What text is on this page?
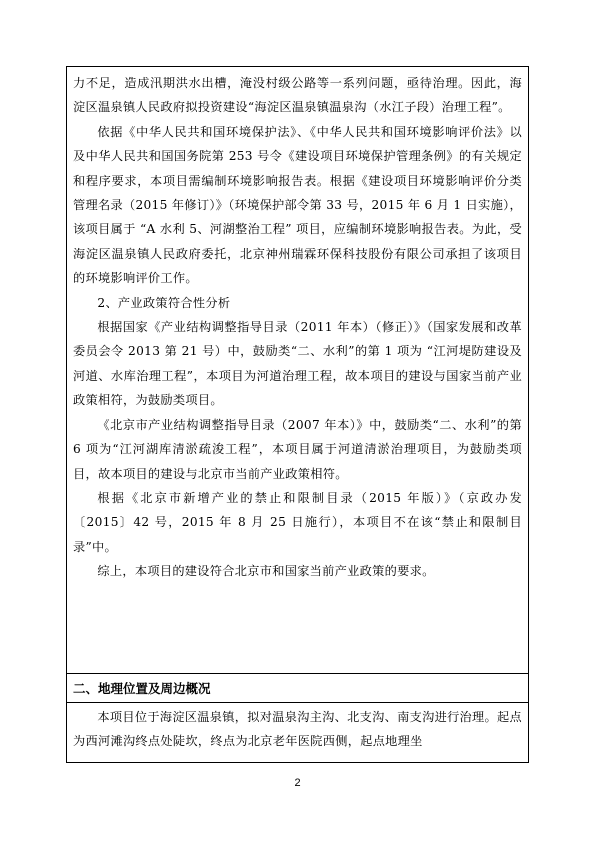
力不足，造成汛期洪水出槽，淹没村级公路等一系列问题，亟待治理。因此，海淀区温泉镇人民政府拟投资建设“海淀区温泉镇温泉沟（水江子段）治理工程”。

依据《中华人民共和国环境保护法》、《中华人民共和国环境影响评价法》以及中华人民共和国国务院第 253 号令《建设项目环境保护管理条例》的有关规定和程序要求，本项目需编制环境影响报告表。根据《建设项目环境影响评价分类管理名录（2015 年修订）》（环境保护部令第 33 号，2015 年 6 月 1 日实施），该项目属于 “A 水利 5、河湖整治工程” 项目，应编制环境影响报告表。为此，受海淀区温泉镇人民政府委托，北京神州瑞霖环保科技股份有限公司承担了该项目的环境影响评价工作。

2、产业政策符合性分析

根据国家《产业结构调整指导目录（2011 年本）（修正）》（国家发展和改革委员会令 2013 第 21 号）中，鼓励类“二、水利”的第 1 项为 “江河堤防建设及河道、水库治理工程”，本项目为河道治理工程，故本项目的建设与国家当前产业政策相符，为鼓励类项目。

《北京市产业结构调整指导目录（2007 年本）》中，鼓励类“二、水利”的第 6 项为“江河湖库清淤疏浚工程”，本项目属于河道清淤治理项目，为鼓励类项目，故本项目的建设与北京市当前产业政策相符。

根据《北京市新增产业的禁止和限制目录（2015 年版）》（京政办发〔2015〕42 号，2015 年 8 月 25 日施行），本项目不在该“禁止和限制目录”中。

综上，本项目的建设符合北京市和国家当前产业政策的要求。

二、地理位置及周边概况
本项目位于海淀区温泉镇，拟对温泉沟主沟、北支沟、南支沟进行治理。起点为西河滩沟终点处陡坎，终点为北京老年医院西侧，起点地理坐
2
